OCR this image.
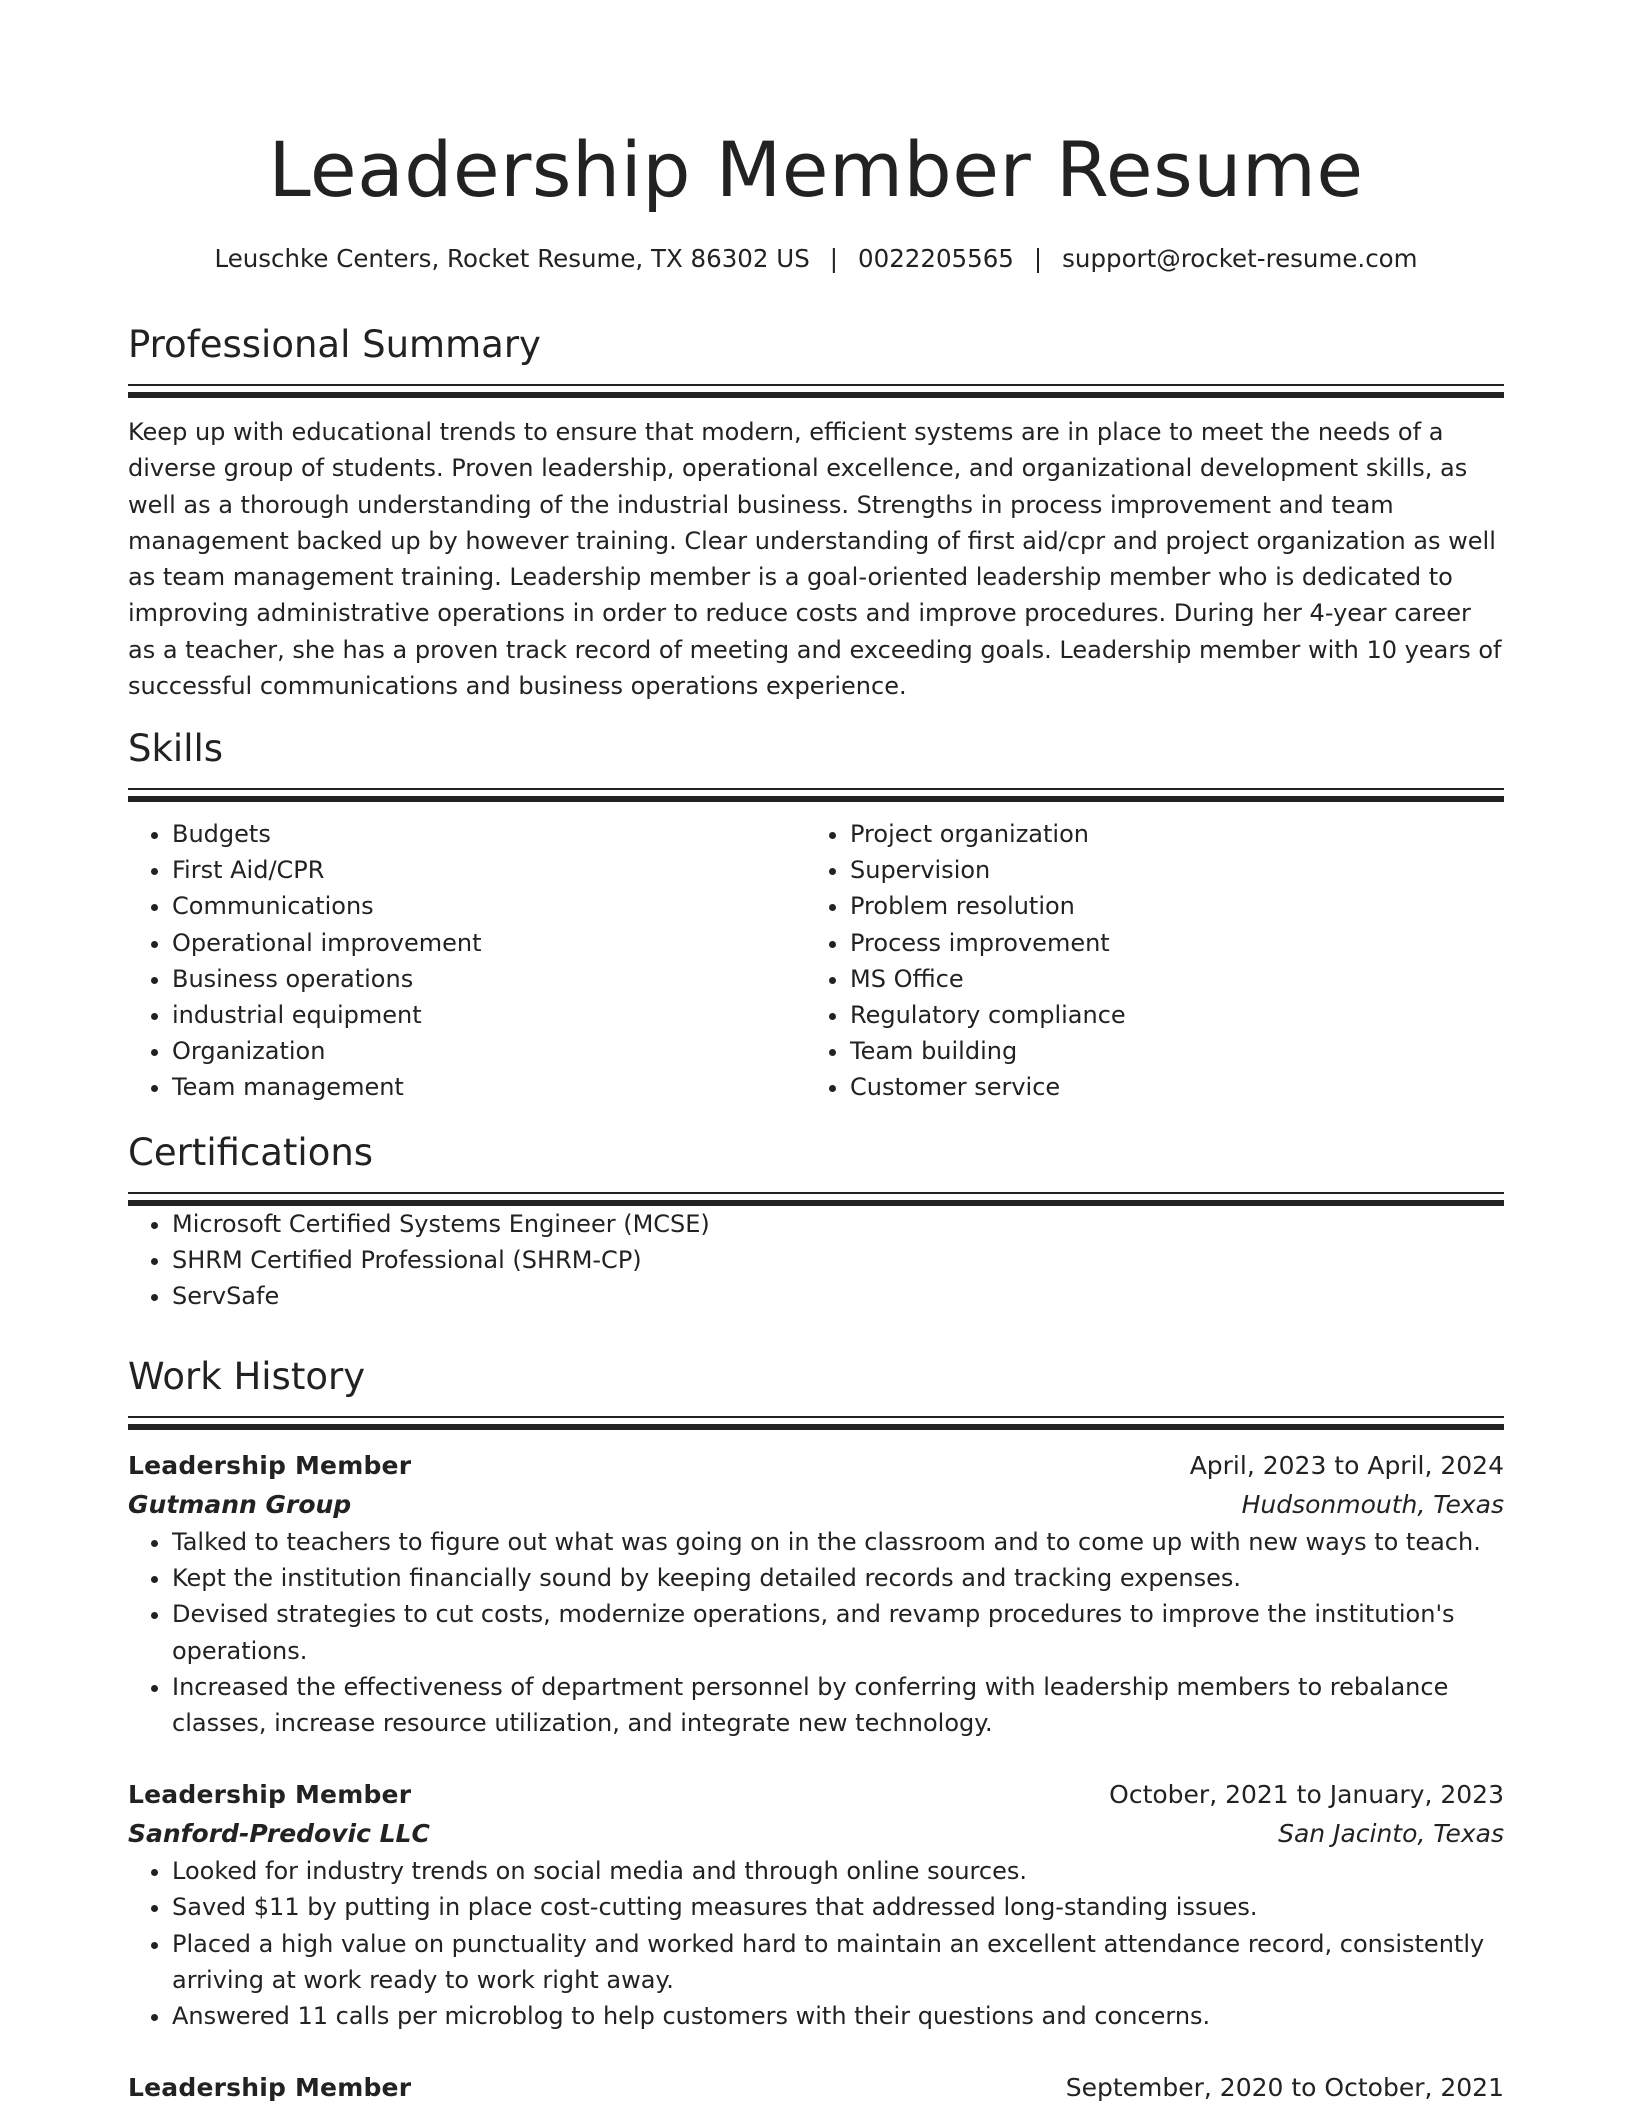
Leadership Member Resume
Leuschke Centers, Rocket Resume, TX 86302 US | 0022205565 | support@rocket-resume.com
Professional Summary

Keep up with educational trends to ensure that modern, efficient systems are in place to meet the needs of a diverse group of students. Proven leadership, operational excellence, and organizational development skills, as well as a thorough understanding of the industrial business. Strengths in process improvement and team management backed up by however training. Clear understanding of first aid/cpr and project organization as well as team management training. Leadership member is a goal-oriented leadership member who is dedicated to improving administrative operations in order to reduce costs and improve procedures. During her 4-year career as a teacher, she has a proven track record of meeting and exceeding goals. Leadership member with 10 years of successful communications and business operations experience.

Skills
• Budgets
• First Aid/CPR
• Communications
• Operational improvement
• Business operations
• industrial equipment
• Organization
• Team management
• Project organization
• Supervision
• Problem resolution
• Process improvement
• MS Office
• Regulatory compliance
• Team building
• Customer service
Certifications
• Microsoft Certified Systems Engineer (MCSE)
• SHRM Certified Professional (SHRM-CP)
• ServSafe
Work History
Leadership Member	April, 2023 to April, 2024
Gutmann Group	Hudsonmouth, Texas
• Talked to teachers to figure out what was going on in the classroom and to come up with new ways to teach.
• Kept the institution financially sound by keeping detailed records and tracking expenses.
• Devised strategies to cut costs, modernize operations, and revamp procedures to improve the institution's operations.
• Increased the effectiveness of department personnel by conferring with leadership members to rebalance classes, increase resource utilization, and integrate new technology.
Leadership Member	October, 2021 to January, 2023
Sanford-Predovic LLC	San Jacinto, Texas
• Looked for industry trends on social media and through online sources.
• Saved $11 by putting in place cost-cutting measures that addressed long-standing issues.
• Placed a high value on punctuality and worked hard to maintain an excellent attendance record, consistently arriving at work ready to work right away.
• Answered 11 calls per microblog to help customers with their questions and concerns.
Leadership Member	September, 2020 to October, 2021
